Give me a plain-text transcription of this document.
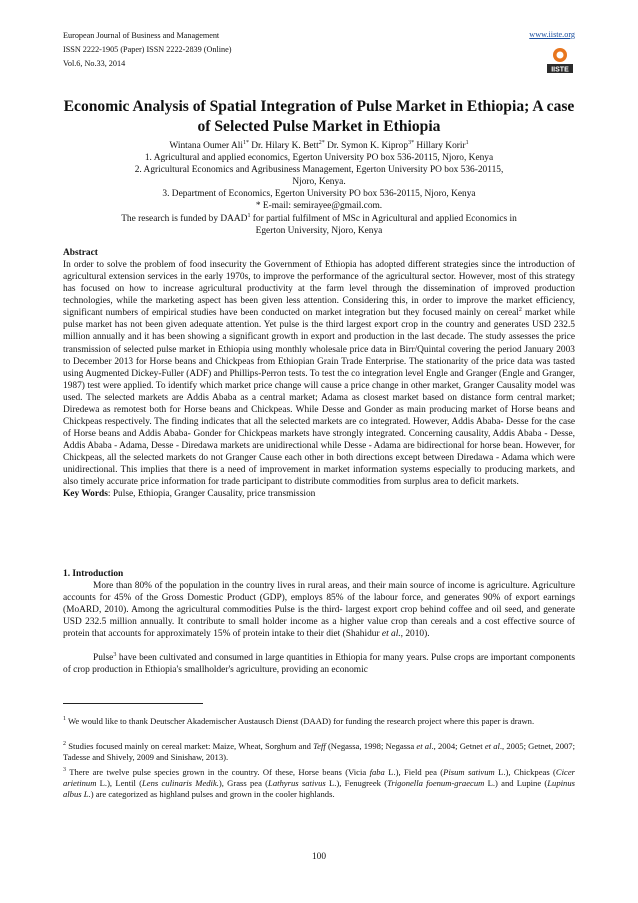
European Journal of Business and Management
ISSN 2222-1905 (Paper) ISSN 2222-2839 (Online)
Vol.6, No.33, 2014
www.iiste.org
IISTE
Economic Analysis of Spatial Integration of Pulse Market in Ethiopia; A case of Selected Pulse Market in Ethiopia
Wintana Oumer Ali$^{1*}$ Dr. Hilary K. Bett$^{2*}$ Dr. Symon K. Kiprop$^{3*}$ Hillary Korir$^1$
1. Agricultural and applied economics, Egerton University PO box 536-20115, Njoro, Kenya
2. Agricultural Economics and Agribusiness Management, Egerton University PO box 536-20115,
Njoro, Kenya.
3. Department of Economics, Egerton University PO box 536-20115, Njoro, Kenya
* E-mail: semirayee@gmail.com.
The research is funded by DAAD$^1$ for partial fulfilment of MSc in Agricultural and applied Economics in
Egerton University, Njoro, Kenya
Abstract
In order to solve the problem of food insecurity the Government of Ethiopia has adopted different strategies since the introduction of agricultural extension services in the early 1970s, to improve the performance of the agricultural sector. However, most of this strategy has focused on how to increase agricultural productivity at the farm level through the dissemination of improved production technologies, while the marketing aspect has been given less attention. Considering this, in order to improve the market efficiency, significant numbers of empirical studies have been conducted on market integration but they focused mainly on cereal$^2$ market while pulse market has not been given adequate attention. Yet pulse is the third largest export crop in the country and generates USD 232.5 million annually and it has been showing a significant growth in export and production in the last decade. The study assesses the price transmission of selected pulse market in Ethiopia using monthly wholesale price data in Birr/Quintal covering the period January 2003 to December 2013 for Horse beans and Chickpeas from Ethiopian Grain Trade Enterprise. The stationarity of the price data was tasted using Augmented Dickey-Fuller (ADF) and Phillips-Perron tests. To test the co integration level Engle and Granger (Engle and Granger, 1987) test were applied. To identify which market price change will cause a price change in other market, Granger Causality model was used. The selected markets are Addis Ababa as a central market; Adama as closest market based on distance form central market; Diredewa as remotest both for Horse beans and Chickpeas. While Desse and Gonder as main producing market of Horse beans and Chickpeas respectively. The finding indicates that all the selected markets are co integrated. However, Addis Ababa- Desse for the case of Horse beans and Addis Ababa- Gonder for Chickpeas markets have strongly integrated. Concerning causality, Addis Ababa - Desse, Addis Ababa - Adama, Desse - Diredawa markets are unidirectional while Desse - Adama are bidirectional for horse bean. However, for Chickpeas, all the selected markets do not Granger Cause each other in both directions except between Diredawa - Adama which were unidirectional. This implies that there is a need of improvement in market information systems especially to producing markets, and also timely accurate price information for trade participant to distribute commodities from surplus area to deficit markets.
Key Words: Pulse, Ethiopia, Granger Causality, price transmission
1. Introduction
More than 80% of the population in the country lives in rural areas, and their main source of income is agriculture. Agriculture accounts for 45% of the Gross Domestic Product (GDP), employs 85% of the labour force, and generates 90% of export earnings (MoARD, 2010). Among the agricultural commodities Pulse is the third- largest export crop behind coffee and oil seed, and generate USD 232.5 million annually. It contribute to small holder income as a higher value crop than cereals and a cost effective source of protein that accounts for approximately 15% of protein intake to their diet (Shahidur et al., 2010).
Pulse$^3$ have been cultivated and consumed in large quantities in Ethiopia for many years. Pulse crops are important components of crop production in Ethiopia's smallholder's agriculture, providing an economic
$^1$ We would like to thank Deutscher Akademischer Austausch Dienst (DAAD) for funding the research project where this paper is drawn.
$^2$ Studies focused mainly on cereal market: Maize, Wheat, Sorghum and Teff (Negassa, 1998; Negassa et al., 2004; Getnet et al., 2005; Getnet, 2007; Tadesse and Shively, 2009 and Sinishaw, 2013).
$^3$ There are twelve pulse species grown in the country. Of these, Horse beans (Vicia faba L.), Field pea (Pisum sativum L.), Chickpeas (Cicer arietinum L.), Lentil (Lens culinaris Medik.), Grass pea (Lathyrus sativus L.), Fenugreek (Trigonella foenum-graecum L.) and Lupine (Lupinus albus L.) are categorized as highland pulses and grown in the cooler highlands.
100
